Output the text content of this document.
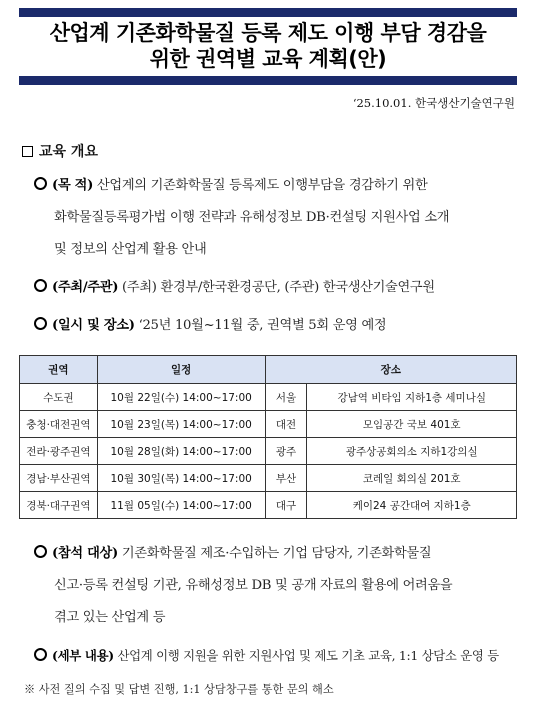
산업계 기존화학물질 등록 제도 이행 부담 경감을
위한 권역별 교육 계획(안)
‘25.10.01. 한국생산기술연구원
교육 개요
(목 적) 산업계의 기존화학물질 등록제도 이행부담을 경감하기 위한
화학물질등록평가법 이행 전략과 유해성정보 DB·컨설팅 지원사업 소개
및 정보의 산업계 활용 안내
(주최/주관) (주최) 환경부/한국환경공단, (주관) 한국생산기술연구원
(일시 및 장소) ‘25년 10월~11월 중, 권역별 5회 운영 예정
권역	일정	장소	
수도권	10월 22일(수) 14:00~17:00	서울	강남역 비타임 지하1층 세미나실
충청·대전권역	10월 23일(목) 14:00~17:00	대전	모임공간 국보 401호
전라·광주권역	10월 28일(화) 14:00~17:00	광주	광주상공회의소 지하1강의실
경남·부산권역	10월 30일(목) 14:00~17:00	부산	코레일 회의실 201호
경북·대구권역	11월 05일(수) 14:00~17:00	대구	케이24 공간대여 지하1층
(참석 대상) 기존화학물질 제조·수입하는 기업 담당자, 기존화학물질
신고·등록 컨설팅 기관, 유해성정보 DB 및 공개 자료의 활용에 어려움을
겪고 있는 산업계 등
(세부 내용) 산업계 이행 지원을 위한 지원사업 및 제도 기초 교육, 1:1 상담소 운영 등
※ 사전 질의 수집 및 답변 진행, 1:1 상담창구를 통한 문의 해소
